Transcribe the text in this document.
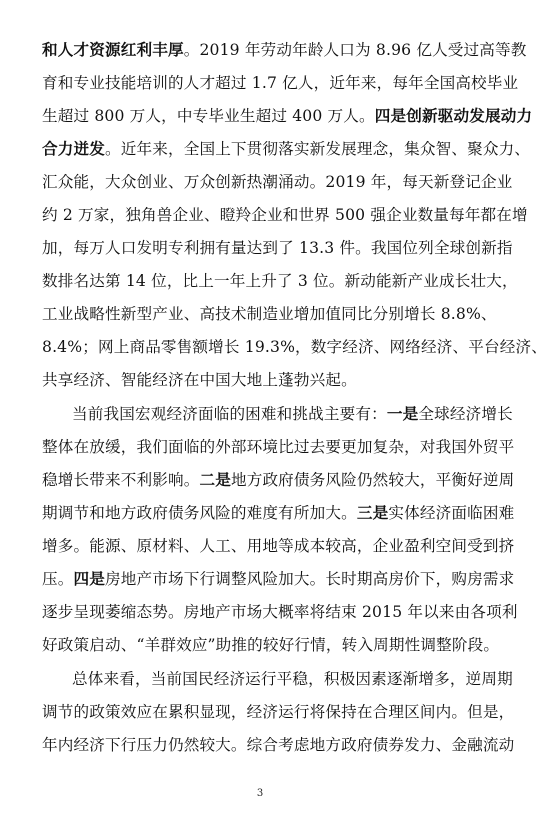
和人才资源红利丰厚。2019 年劳动年龄人口为 8.96 亿人受过高等教
育和专业技能培训的人才超过 1.7 亿人，近年来，每年全国高校毕业
生超过 800 万人，中专毕业生超过 400 万人。四是创新驱动发展动力
合力迸发。近年来，全国上下贯彻落实新发展理念，集众智、聚众力、
汇众能，大众创业、万众创新热潮涌动。2019 年，每天新登记企业
约 2 万家，独角兽企业、瞪羚企业和世界 500 强企业数量每年都在增
加，每万人口发明专利拥有量达到了 13.3 件。我国位列全球创新指
数排名达第 14 位，比上一年上升了 3 位。新动能新产业成长壮大，
工业战略性新型产业、高技术制造业增加值同比分别增长 8.8%、
8.4%；网上商品零售额增长 19.3%，数字经济、网络经济、平台经济、
共享经济、智能经济在中国大地上蓬勃兴起。
当前我国宏观经济面临的困难和挑战主要有：一是全球经济增长
整体在放缓，我们面临的外部环境比过去要更加复杂，对我国外贸平
稳增长带来不利影响。二是地方政府债务风险仍然较大，平衡好逆周
期调节和地方政府债务风险的难度有所加大。三是实体经济面临困难
增多。能源、原材料、人工、用地等成本较高，企业盈利空间受到挤
压。四是房地产市场下行调整风险加大。长时期高房价下，购房需求
逐步呈现萎缩态势。房地产市场大概率将结束 2015 年以来由各项利
好政策启动、“羊群效应”助推的较好行情，转入周期性调整阶段。
总体来看，当前国民经济运行平稳，积极因素逐渐增多，逆周期
调节的政策效应在累积显现，经济运行将保持在合理区间内。但是，
年内经济下行压力仍然较大。综合考虑地方政府债券发力、金融流动
3
